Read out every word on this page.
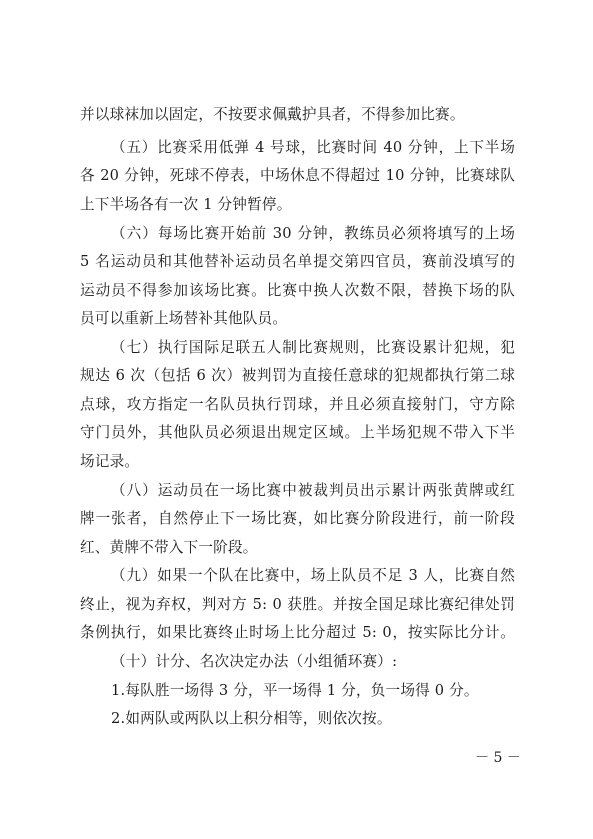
并以球袜加以固定，不按要求佩戴护具者，不得参加比赛。
（五）比赛采用低弹 4 号球，比赛时间 40 分钟，上下半场
各 20 分钟，死球不停表，中场休息不得超过 10 分钟，比赛球队
上下半场各有一次 1 分钟暂停。
（六）每场比赛开始前 30 分钟，教练员必须将填写的上场
5 名运动员和其他替补运动员名单提交第四官员，赛前没填写的
运动员不得参加该场比赛。比赛中换人次数不限，替换下场的队
员可以重新上场替补其他队员。
（七）执行国际足联五人制比赛规则，比赛设累计犯规，犯
规达 6 次（包括 6 次）被判罚为直接任意球的犯规都执行第二球
点球，攻方指定一名队员执行罚球，并且必须直接射门，守方除
守门员外，其他队员必须退出规定区域。上半场犯规不带入下半
场记录。
（八）运动员在一场比赛中被裁判员出示累计两张黄牌或红
牌一张者，自然停止下一场比赛，如比赛分阶段进行，前一阶段
红、黄牌不带入下一阶段。
（九）如果一个队在比赛中，场上队员不足 3 人，比赛自然
终止，视为弃权，判对方 5: 0 获胜。并按全国足球比赛纪律处罚
条例执行，如果比赛终止时场上比分超过 5: 0，按实际比分计。
（十）计分、名次决定办法（小组循环赛）:
1.每队胜一场得 3 分，平一场得 1 分，负一场得 0 分。
2.如两队或两队以上积分相等，则依次按。
－ 5 －
